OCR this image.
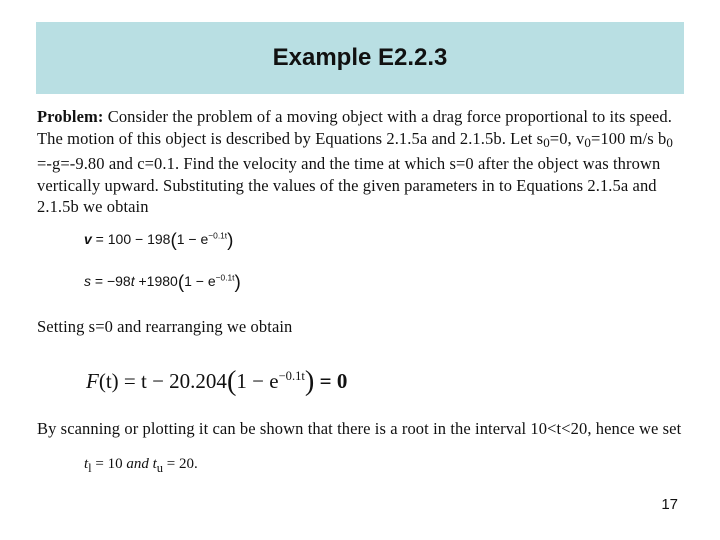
Example E2.2.3
Problem: Consider the problem of a moving object with a drag force proportional to its speed. The motion of this object is described by Equations 2.1.5a and 2.1.5b. Let $s_0=0$, $v_0=100$ m/s $b_0 =-g=-9.80$ and c=0.1. Find the velocity and the time at which s=0 after the object was thrown vertically upward. Substituting the values of the given parameters in to Equations 2.1.5a and 2.1.5b we obtain
$v = 100 - 198(1 - e^{-0.1t})$
$s = -98t +1980(1 - e^{-0.1t})$
Setting s=0 and rearranging we obtain
$F(t) = t - 20.204(1 - e^{-0.1t}) = 0$
By scanning or plotting it can be shown that there is a root in the interval 10<t<20, hence we set
$t_l = 10$ and $t_u = 20$.
17
